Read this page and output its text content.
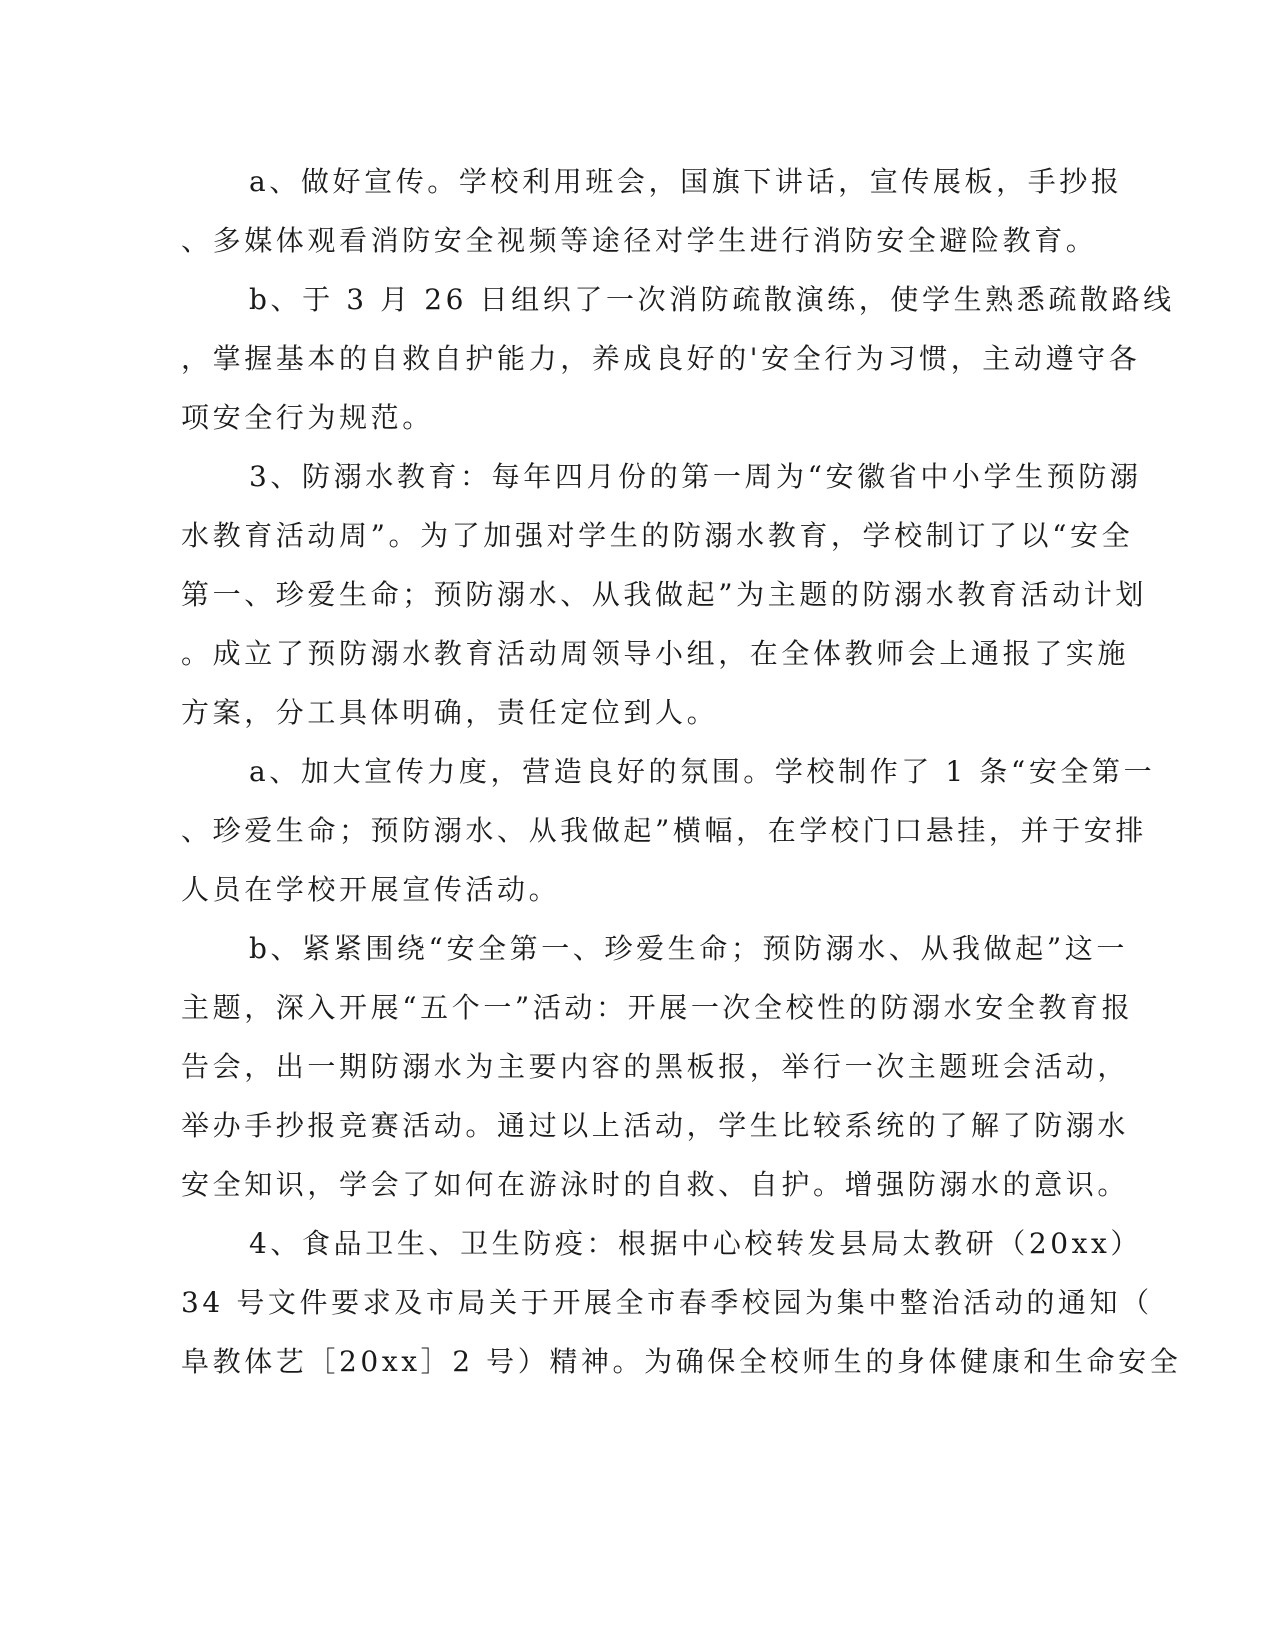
a、做好宣传。学校利用班会，国旗下讲话，宣传展板，手抄报
、多媒体观看消防安全视频等途径对学生进行消防安全避险教育。
b、于 3 月 26 日组织了一次消防疏散演练，使学生熟悉疏散路线
，掌握基本的自救自护能力，养成良好的'安全行为习惯，主动遵守各
项安全行为规范。
3、防溺水教育：每年四月份的第一周为“安徽省中小学生预防溺
水教育活动周”。为了加强对学生的防溺水教育，学校制订了以“安全
第一、珍爱生命；预防溺水、从我做起”为主题的防溺水教育活动计划
。成立了预防溺水教育活动周领导小组，在全体教师会上通报了实施
方案，分工具体明确，责任定位到人。
a、加大宣传力度，营造良好的氛围。学校制作了 1 条“安全第一
、珍爱生命；预防溺水、从我做起”横幅，在学校门口悬挂，并于安排
人员在学校开展宣传活动。
b、紧紧围绕“安全第一、珍爱生命；预防溺水、从我做起”这一
主题，深入开展“五个一”活动：开展一次全校性的防溺水安全教育报
告会，出一期防溺水为主要内容的黑板报，举行一次主题班会活动，
举办手抄报竞赛活动。通过以上活动，学生比较系统的了解了防溺水
安全知识，学会了如何在游泳时的自救、自护。增强防溺水的意识。
4、食品卫生、卫生防疫：根据中心校转发县局太教研（20xx）
34 号文件要求及市局关于开展全市春季校园为集中整治活动的通知（
阜教体艺［20xx］2 号）精神。为确保全校师生的身体健康和生命安全
